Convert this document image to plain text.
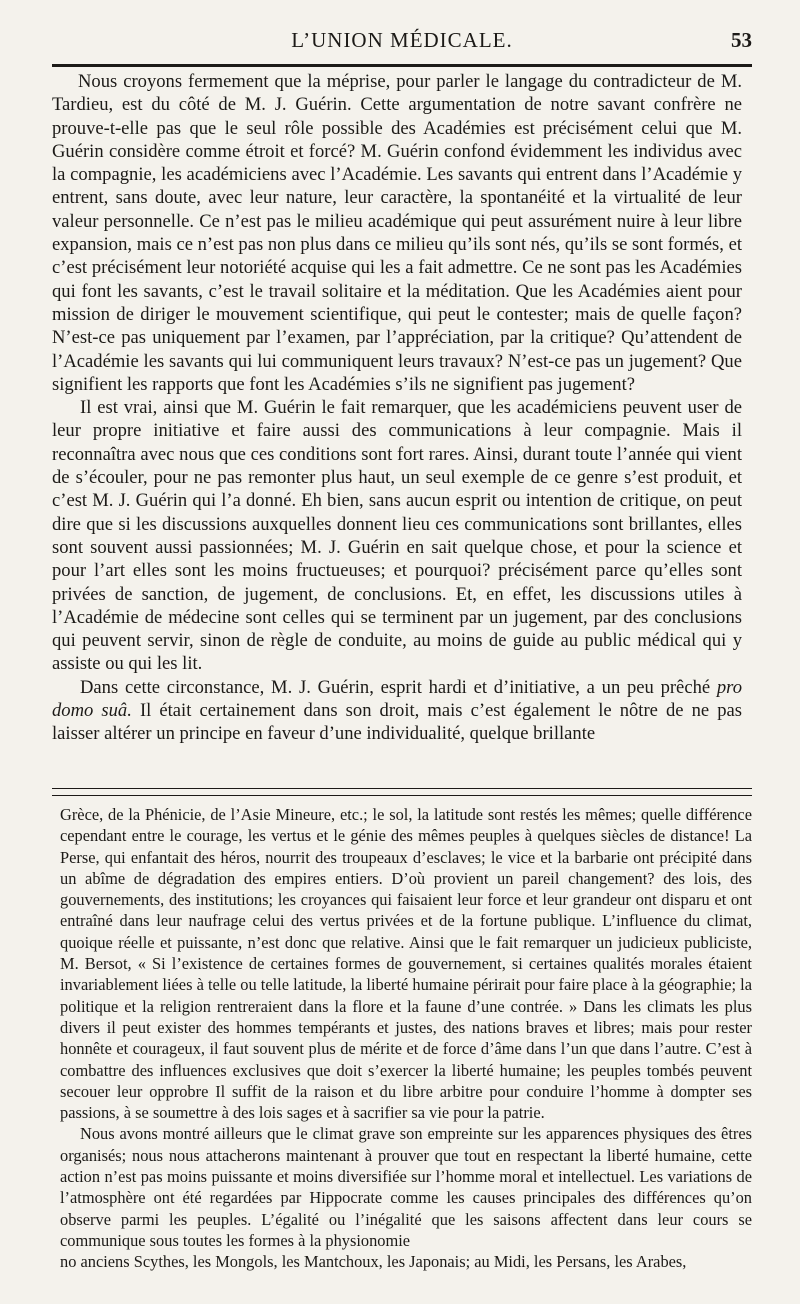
L’UNION MÉDICALE.	53

Nous croyons fermement que la méprise, pour parler le langage du contradicteur de M. Tardieu, est du côté de M. J. Guérin. Cette argumentation de notre savant confrère ne prouve-t-elle pas que le seul rôle possible des Académies est précisément celui que M. Guérin considère comme étroit et forcé? M. Guérin confond évidemment les individus avec la compagnie, les académiciens avec l’Académie. Les savants qui entrent dans l’Académie y entrent, sans doute, avec leur nature, leur caractère, la spontanéité et la virtualité de leur valeur personnelle. Ce n’est pas le milieu académique qui peut assurément nuire à leur libre expansion, mais ce n’est pas non plus dans ce milieu qu’ils sont nés, qu’ils se sont formés, et c’est précisément leur notoriété acquise qui les a fait admettre. Ce ne sont pas les Académies qui font les savants, c’est le travail solitaire et la méditation. Que les Académies aient pour mission de diriger le mouvement scientifique, qui peut le contester; mais de quelle façon? N’est-ce pas uniquement par l’examen, par l’appréciation, par la critique? Qu’attendent de l’Académie les savants qui lui communiquent leurs travaux? N’est-ce pas un jugement? Que signifient les rapports que font les Académies s’ils ne signifient pas jugement?

Il est vrai, ainsi que M. Guérin le fait remarquer, que les académiciens peuvent user de leur propre initiative et faire aussi des communications à leur compagnie. Mais il reconnaîtra avec nous que ces conditions sont fort rares. Ainsi, durant toute l’année qui vient de s’écouler, pour ne pas remonter plus haut, un seul exemple de ce genre s’est produit, et c’est M. J. Guérin qui l’a donné. Eh bien, sans aucun esprit ou intention de critique, on peut dire que si les discussions auxquelles donnent lieu ces communications sont brillantes, elles sont souvent aussi passionnées; M. J. Guérin en sait quelque chose, et pour la science et pour l’art elles sont les moins fructueuses; et pourquoi? précisément parce qu’elles sont privées de sanction, de jugement, de conclusions. Et, en effet, les discussions utiles à l’Académie de médecine sont celles qui se terminent par un jugement, par des conclusions qui peuvent servir, sinon de règle de conduite, au moins de guide au public médical qui y assiste ou qui les lit.

Dans cette circonstance, M. J. Guérin, esprit hardi et d’initiative, a un peu prêché pro domo suâ. Il était certainement dans son droit, mais c’est également le nôtre de ne pas laisser altérer un principe en faveur d’une individualité, quelque brillante

Grèce, de la Phénicie, de l’Asie Mineure, etc.; le sol, la latitude sont restés les mêmes; quelle différence cependant entre le courage, les vertus et le génie des mêmes peuples à quelques siècles de distance! La Perse, qui enfantait des héros, nourrit des troupeaux d’esclaves; le vice et la barbarie ont précipité dans un abîme de dégradation des empires entiers. D’où provient un pareil changement? des lois, des gouvernements, des institutions; les croyances qui faisaient leur force et leur grandeur ont disparu et ont entraîné dans leur naufrage celui des vertus privées et de la fortune publique. L’influence du climat, quoique réelle et puissante, n’est donc que relative. Ainsi que le fait remarquer un judicieux publiciste, M. Bersot, « Si l’existence de certaines formes de gouvernement, si certaines qualités morales étaient invariablement liées à telle ou telle latitude, la liberté humaine périrait pour faire place à la géographie; la politique et la religion rentreraient dans la flore et la faune d’une contrée. » Dans les climats les plus divers il peut exister des hommes tempérants et justes, des nations braves et libres; mais pour rester honnête et courageux, il faut souvent plus de mérite et de force d’âme dans l’un que dans l’autre. C’est à combattre des influences exclusives que doit s’exercer la liberté humaine; les peuples tombés peuvent secouer leur opprobre Il suffit de la raison et du libre arbitre pour conduire l’homme à dompter ses passions, à se soumettre à des lois sages et à sacrifier sa vie pour la patrie.

Nous avons montré ailleurs que le climat grave son empreinte sur les apparences physiques des êtres organisés; nous nous attacherons maintenant à prouver que tout en respectant la liberté humaine, cette action n’est pas moins puissante et moins diversifiée sur l’homme moral et intellectuel. Les variations de l’atmosphère ont été regardées par Hippocrate comme les causes principales des différences qu’on observe parmi les peuples. L’égalité ou l’inégalité que les saisons affectent dans leur cours se communique sous toutes les formes à la physionomie

no anciens Scythes, les Mongols, les Mantchoux, les Japonais; au Midi, les Persans, les Arabes,
